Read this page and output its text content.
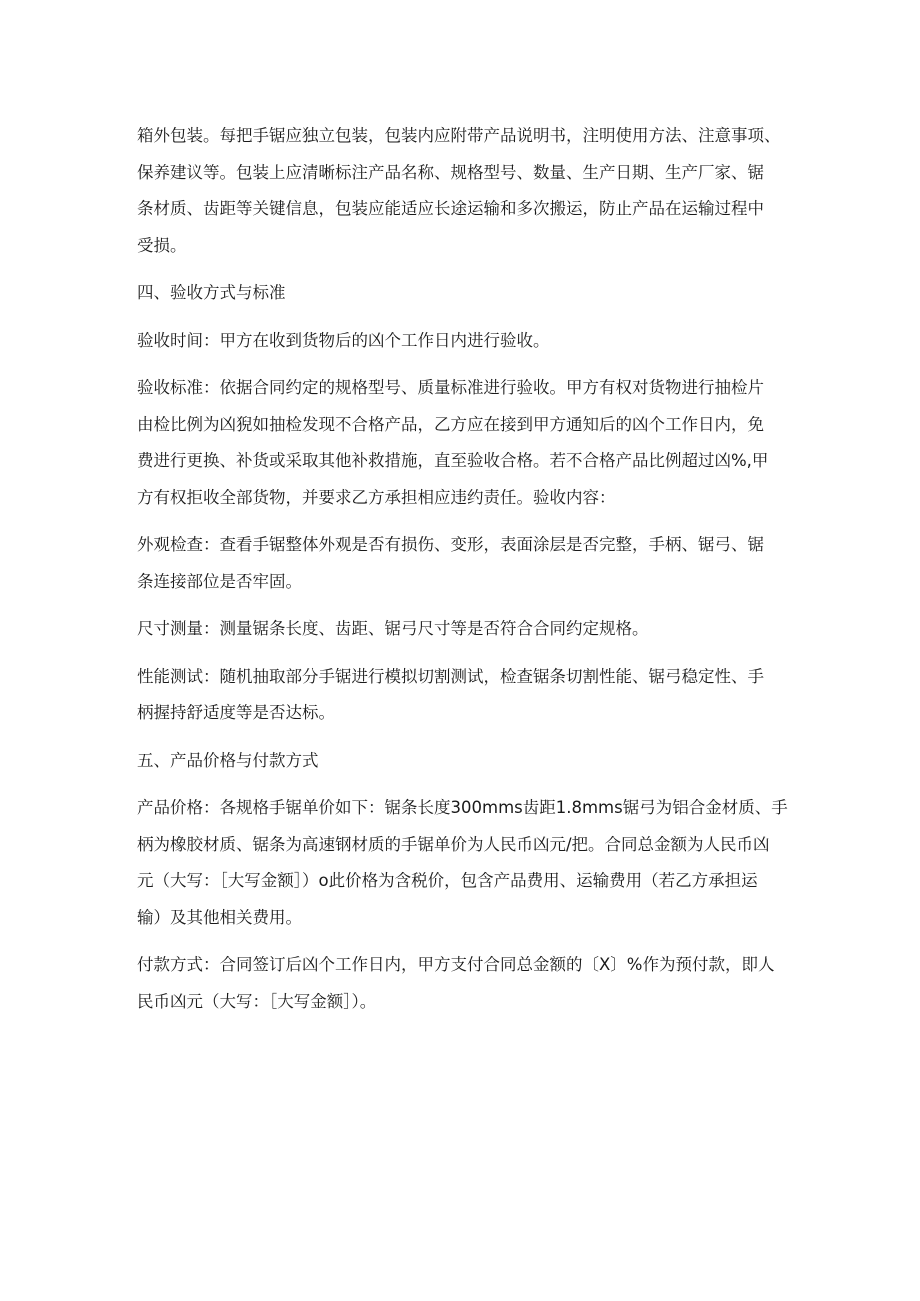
箱外包装。每把手锯应独立包装，包装内应附带产品说明书，注明使用方法、注意事项、
保养建议等。包装上应清晰标注产品名称、规格型号、数量、生产日期、生产厂家、锯
条材质、齿距等关键信息，包装应能适应长途运输和多次搬运，防止产品在运输过程中
受损。
四、验收方式与标准
验收时间：甲方在收到货物后的凶个工作日内进行验收。
验收标准：依据合同约定的规格型号、质量标准进行验收。甲方有权对货物进行抽检片
由检比例为凶猊如抽检发现不合格产品，乙方应在接到甲方通知后的凶个工作日内，免
费进行更换、补货或采取其他补救措施，直至验收合格。若不合格产品比例超过凶%,甲
方有权拒收全部货物，并要求乙方承担相应违约责任。验收内容：
外观检查：查看手锯整体外观是否有损伤、变形，表面涂层是否完整，手柄、锯弓、锯
条连接部位是否牢固。
尺寸测量：测量锯条长度、齿距、锯弓尺寸等是否符合合同约定规格。
性能测试：随机抽取部分手锯进行模拟切割测试，检查锯条切割性能、锯弓稳定性、手
柄握持舒适度等是否达标。
五、产品价格与付款方式
产品价格：各规格手锯单价如下：锯条长度300mms齿距1.8mms锯弓为铝合金材质、手
柄为橡胶材质、锯条为高速钢材质的手锯单价为人民币凶元/把。合同总金额为人民币凶
元（大写：［大写金额］）o此价格为含税价，包含产品费用、运输费用（若乙方承担运
输）及其他相关费用。
付款方式：合同签订后凶个工作日内，甲方支付合同总金额的〔X〕%作为预付款，即人
民币凶元（大写：［大写金额］）。
